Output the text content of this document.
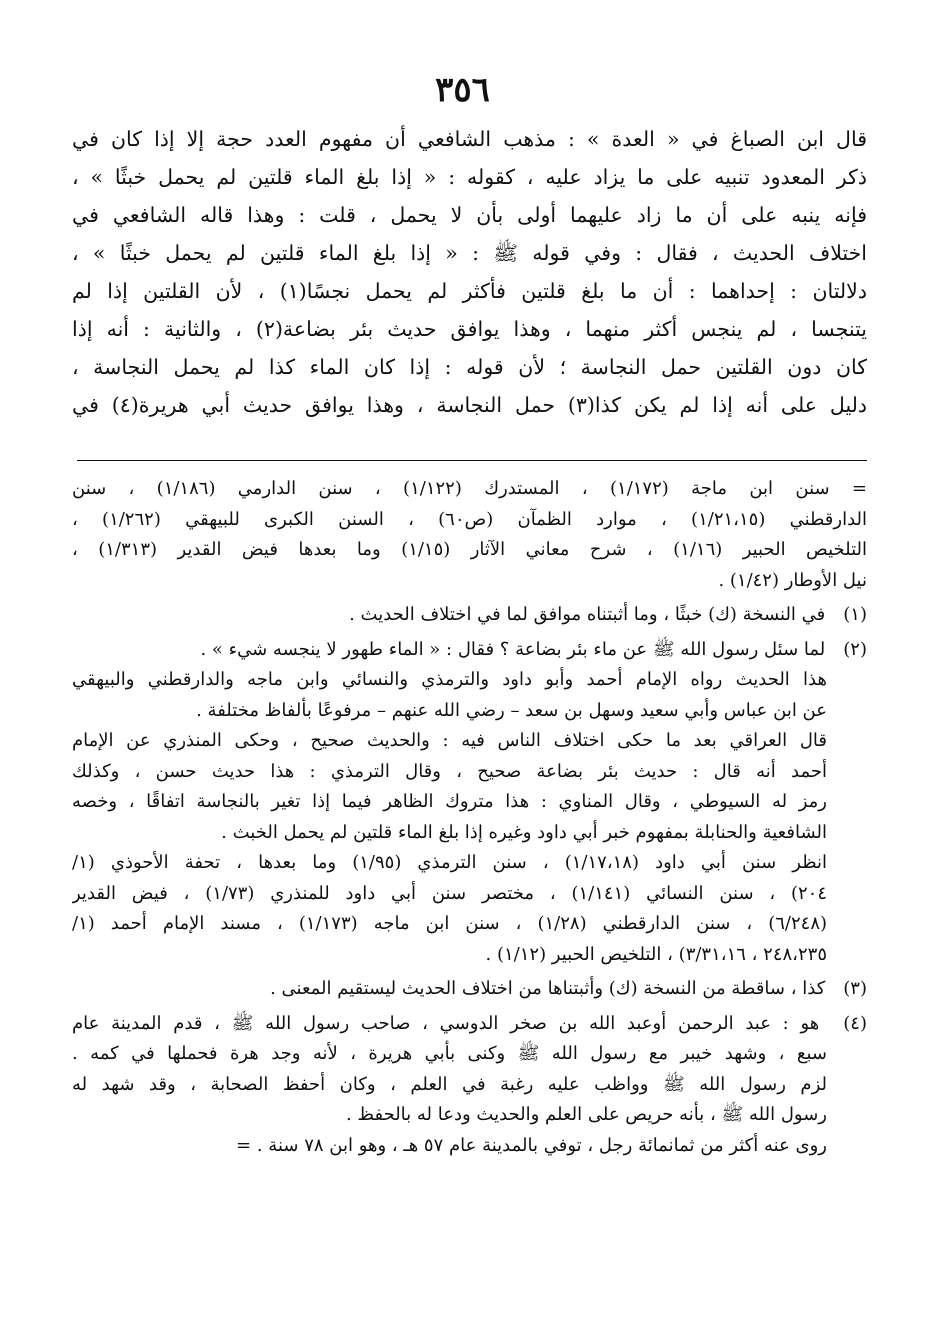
٣٥٦
قال ابن الصباغ في « العدة » : مذهب الشافعي أن مفهوم العدد حجة إلا إذا كان في
ذكر المعدود تنبيه على ما يزاد عليه ، كقوله : « إذا بلغ الماء قلتين لم يحمل خبثًا » ،
فإنه ينبه على أن ما زاد عليهما أولى بأن لا يحمل ، قلت : وهذا قاله الشافعي في
اختلاف الحديث ، فقال : وفي قوله ﷺ : « إذا بلغ الماء قلتين لم يحمل خبثًا » ،
دلالتان : إحداهما : أن ما بلغ قلتين فأكثر لم يحمل نجسًا(١) ، لأن القلتين إذا لم
يتنجسا ، لم ينجس أكثر منهما ، وهذا يوافق حديث بئر بضاعة(٢) ، والثانية : أنه إذا
كان دون القلتين حمل النجاسة ؛ لأن قوله : إذا كان الماء كذا لم يحمل النجاسة ،
دليل على أنه إذا لم يكن كذا(٣) حمل النجاسة ، وهذا يوافق حديث أبي هريرة(٤) في
= سنن ابن ماجة (١/١٧٢) ، المستدرك (١/١٢٢) ، سنن الدارمي (١/١٨٦) ، سنن
الدارقطني (١/٢١،١٥) ، موارد الظمآن (ص٦٠) ، السنن الكبرى للبيهقي (١/٢٦٢) ،
التلخيص الحبير (١/١٦) ، شرح معاني الآثار (١/١٥) وما بعدها فيض القدير (١/٣١٣) ،
نيل الأوطار (١/٤٢) .
(١) في النسخة (ك) خبثًا ، وما أثبتناه موافق لما في اختلاف الحديث .
(٢) لما سئل رسول الله ﷺ عن ماء بئر بضاعة ؟ فقال : « الماء طهور لا ينجسه شيء » .
هذا الحديث رواه الإمام أحمد وأبو داود والترمذي والنسائي وابن ماجه والدارقطني والبيهقي
عن ابن عباس وأبي سعيد وسهل بن سعد – رضي الله عنهم – مرفوعًا بألفاظ مختلفة .
قال العراقي بعد ما حكى اختلاف الناس فيه : والحديث صحيح ، وحكى المنذري عن الإمام
أحمد أنه قال : حديث بئر بضاعة صحيح ، وقال الترمذي : هذا حديث حسن ، وكذلك
رمز له السيوطي ، وقال المناوي : هذا متروك الظاهر فيما إذا تغير بالنجاسة اتفاقًا ، وخصه
الشافعية والحنابلة بمفهوم خبر أبي داود وغيره إذا بلغ الماء قلتين لم يحمل الخبث .
انظر سنن أبي داود (١/١٧،١٨) ، سنن الترمذي (١/٩٥) وما بعدها ، تحفة الأحوذي (١/
٢٠٤) ، سنن النسائي (١/١٤١) ، مختصر سنن أبي داود للمنذري (١/٧٣) ، فيض القدير
(٦/٢٤٨) ، سنن الدارقطني (١/٢٨) ، سنن ابن ماجه (١/١٧٣) ، مسند الإمام أحمد (١/
٢٤٨،٢٣٥ ، ٣/٣١،١٦) ، التلخيص الحبير (١/١٢) .
(٣) كذا ، ساقطة من النسخة (ك) وأثبتناها من اختلاف الحديث ليستقيم المعنى .
(٤) هو : عبد الرحمن أوعبد الله بن صخر الدوسي ، صاحب رسول الله ﷺ ، قدم المدينة عام
سبع ، وشهد خيبر مع رسول الله ﷺ وكنى بأبي هريرة ، لأنه وجد هرة فحملها في كمه .
لزم رسول الله ﷺ وواظب عليه رغبة في العلم ، وكان أحفظ الصحابة ، وقد شهد له
رسول الله ﷺ ، بأنه حريص على العلم والحديث ودعا له بالحفظ .
روى عنه أكثر من ثمانمائة رجل ، توفي بالمدينة عام ٥٧ هـ ، وهو ابن ٧٨ سنة . =
